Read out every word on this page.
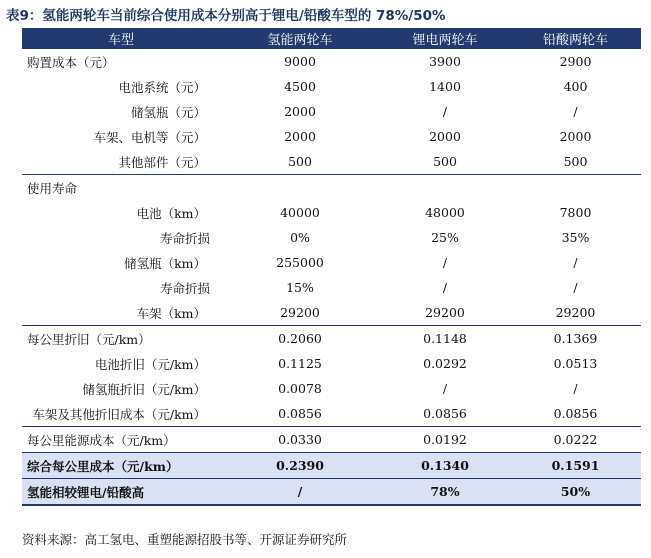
表9：氢能两轮车当前综合使用成本分别高于锂电/铅酸车型的 78%/50%
车型	氢能两轮车	锂电两轮车	铅酸两轮车
购置成本（元）	9000	3900	2900
电池系统（元）	4500	1400	400
储氢瓶（元）	2000	/	/
车架、电机等（元）	2000	2000	2000
其他部件（元）	500	500	500
使用寿命			
电池（km）	40000	48000	7800
寿命折损	0%	25%	35%
储氢瓶（km）	255000	/	/
寿命折损	15%	/	/
车架（km）	29200	29200	29200
每公里折旧（元/km）	0.2060	0.1148	0.1369
电池折旧（元/km）	0.1125	0.0292	0.0513
储氢瓶折旧（元/km）	0.0078	/	/
车架及其他折旧成本（元/km）	0.0856	0.0856	0.0856
每公里能源成本（元/km）	0.0330	0.0192	0.0222
综合每公里成本（元/km）	0.2390	0.1340	0.1591
氢能相较锂电/铅酸高	/	78%	50%
资料来源：高工氢电、重塑能源招股书等、开源证券研究所
